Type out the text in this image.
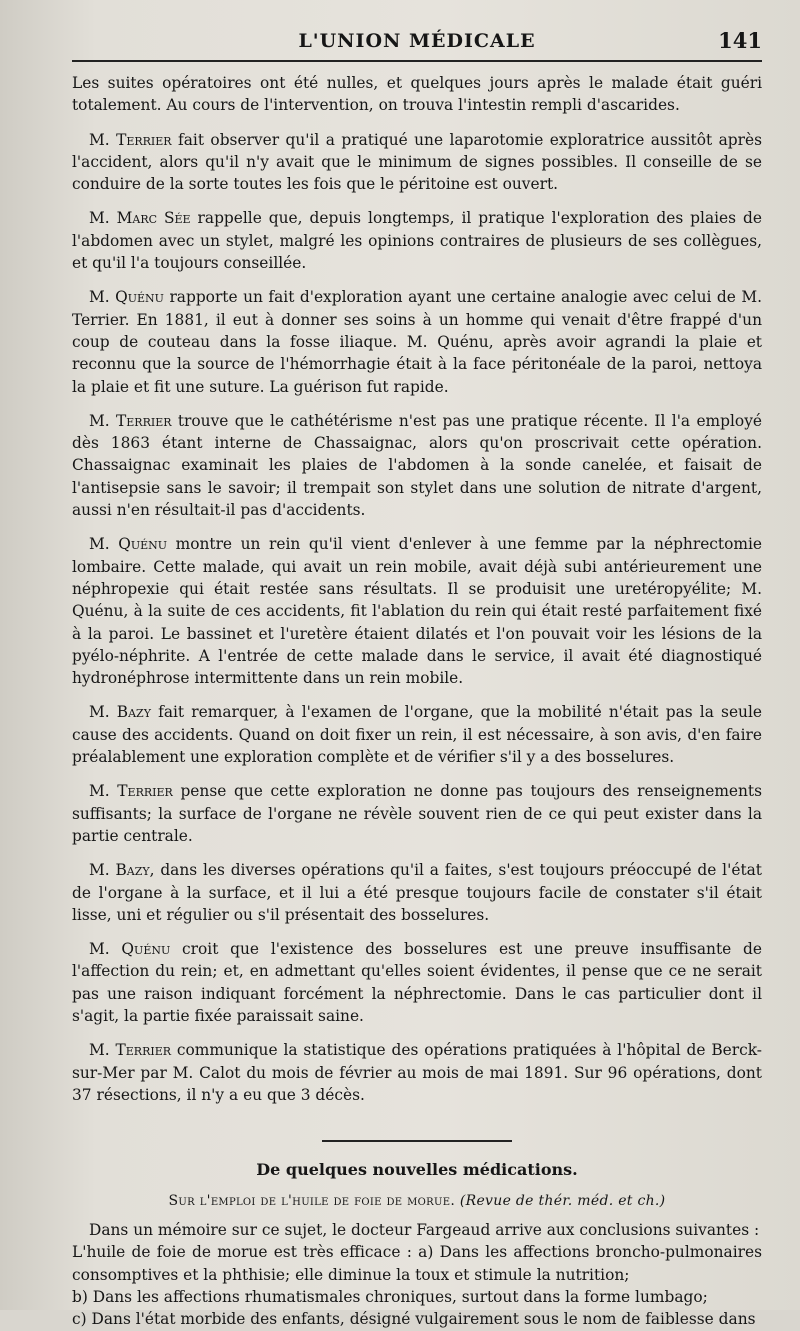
L'UNION MÉDICALE	141

Les suites opératoires ont été nulles, et quelques jours après le malade était guéri totalement. Au cours de l'intervention, on trouva l'intestin rempli d'ascarides.

M. Terrier fait observer qu'il a pratiqué une laparotomie exploratrice aussitôt après l'accident, alors qu'il n'y avait que le minimum de signes possibles. Il conseille de se conduire de la sorte toutes les fois que le péritoine est ouvert.

M. Marc Sée rappelle que, depuis longtemps, il pratique l'exploration des plaies de l'abdomen avec un stylet, malgré les opinions contraires de plusieurs de ses collègues, et qu'il l'a toujours conseillée.

M. Quénu rapporte un fait d'exploration ayant une certaine analogie avec celui de M. Terrier. En 1881, il eut à donner ses soins à un homme qui venait d'être frappé d'un coup de couteau dans la fosse iliaque. M. Quénu, après avoir agrandi la plaie et reconnu que la source de l'hémorrhagie était à la face péritonéale de la paroi, nettoya la plaie et fit une suture. La guérison fut rapide.

M. Terrier trouve que le cathétérisme n'est pas une pratique récente. Il l'a employé dès 1863 étant interne de Chassaignac, alors qu'on proscrivait cette opération. Chassaignac examinait les plaies de l'abdomen à la sonde canelée, et faisait de l'antisepsie sans le savoir; il trempait son stylet dans une solution de nitrate d'argent, aussi n'en résultait-il pas d'accidents.

M. Quénu montre un rein qu'il vient d'enlever à une femme par la néphrectomie lombaire. Cette malade, qui avait un rein mobile, avait déjà subi antérieurement une néphropexie qui était restée sans résultats. Il se produisit une uretéropyélite; M. Quénu, à la suite de ces accidents, fit l'ablation du rein qui était resté parfaitement fixé à la paroi. Le bassinet et l'uretère étaient dilatés et l'on pouvait voir les lésions de la pyélo-néphrite. A l'entrée de cette malade dans le service, il avait été diagnostiqué hydronéphrose intermittente dans un rein mobile.

M. Bazy fait remarquer, à l'examen de l'organe, que la mobilité n'était pas la seule cause des accidents. Quand on doit fixer un rein, il est nécessaire, à son avis, d'en faire préalablement une exploration complète et de vérifier s'il y a des bosselures.

M. Terrier pense que cette exploration ne donne pas toujours des renseignements suffisants; la surface de l'organe ne révèle souvent rien de ce qui peut exister dans la partie centrale.

M. Bazy, dans les diverses opérations qu'il a faites, s'est toujours préoccupé de l'état de l'organe à la surface, et il lui a été presque toujours facile de constater s'il était lisse, uni et régulier ou s'il présentait des bosselures.

M. Quénu croit que l'existence des bosselures est une preuve insuffisante de l'affection du rein; et, en admettant qu'elles soient évidentes, il pense que ce ne serait pas une raison indiquant forcément la néphrectomie. Dans le cas particulier dont il s'agit, la partie fixée paraissait saine.

M. Terrier communique la statistique des opérations pratiquées à l'hôpital de Berck-sur-Mer par M. Calot du mois de février au mois de mai 1891. Sur 96 opérations, dont 37 résections, il n'y a eu que 3 décès.

De quelques nouvelles médications.
Sur l'emploi de l'huile de foie de morue. (Revue de thér. méd. et ch.)

Dans un mémoire sur ce sujet, le docteur Fargeaud arrive aux conclusions suivantes :

L'huile de foie de morue est très efficace : a) Dans les affections broncho-pulmonaires consomptives et la phthisie; elle diminue la toux et stimule la nutrition;

b) Dans les affections rhumatismales chroniques, surtout dans la forme lumbago;

c) Dans l'état morbide des enfants, désigné vulgairement sous le nom de faiblesse dans
